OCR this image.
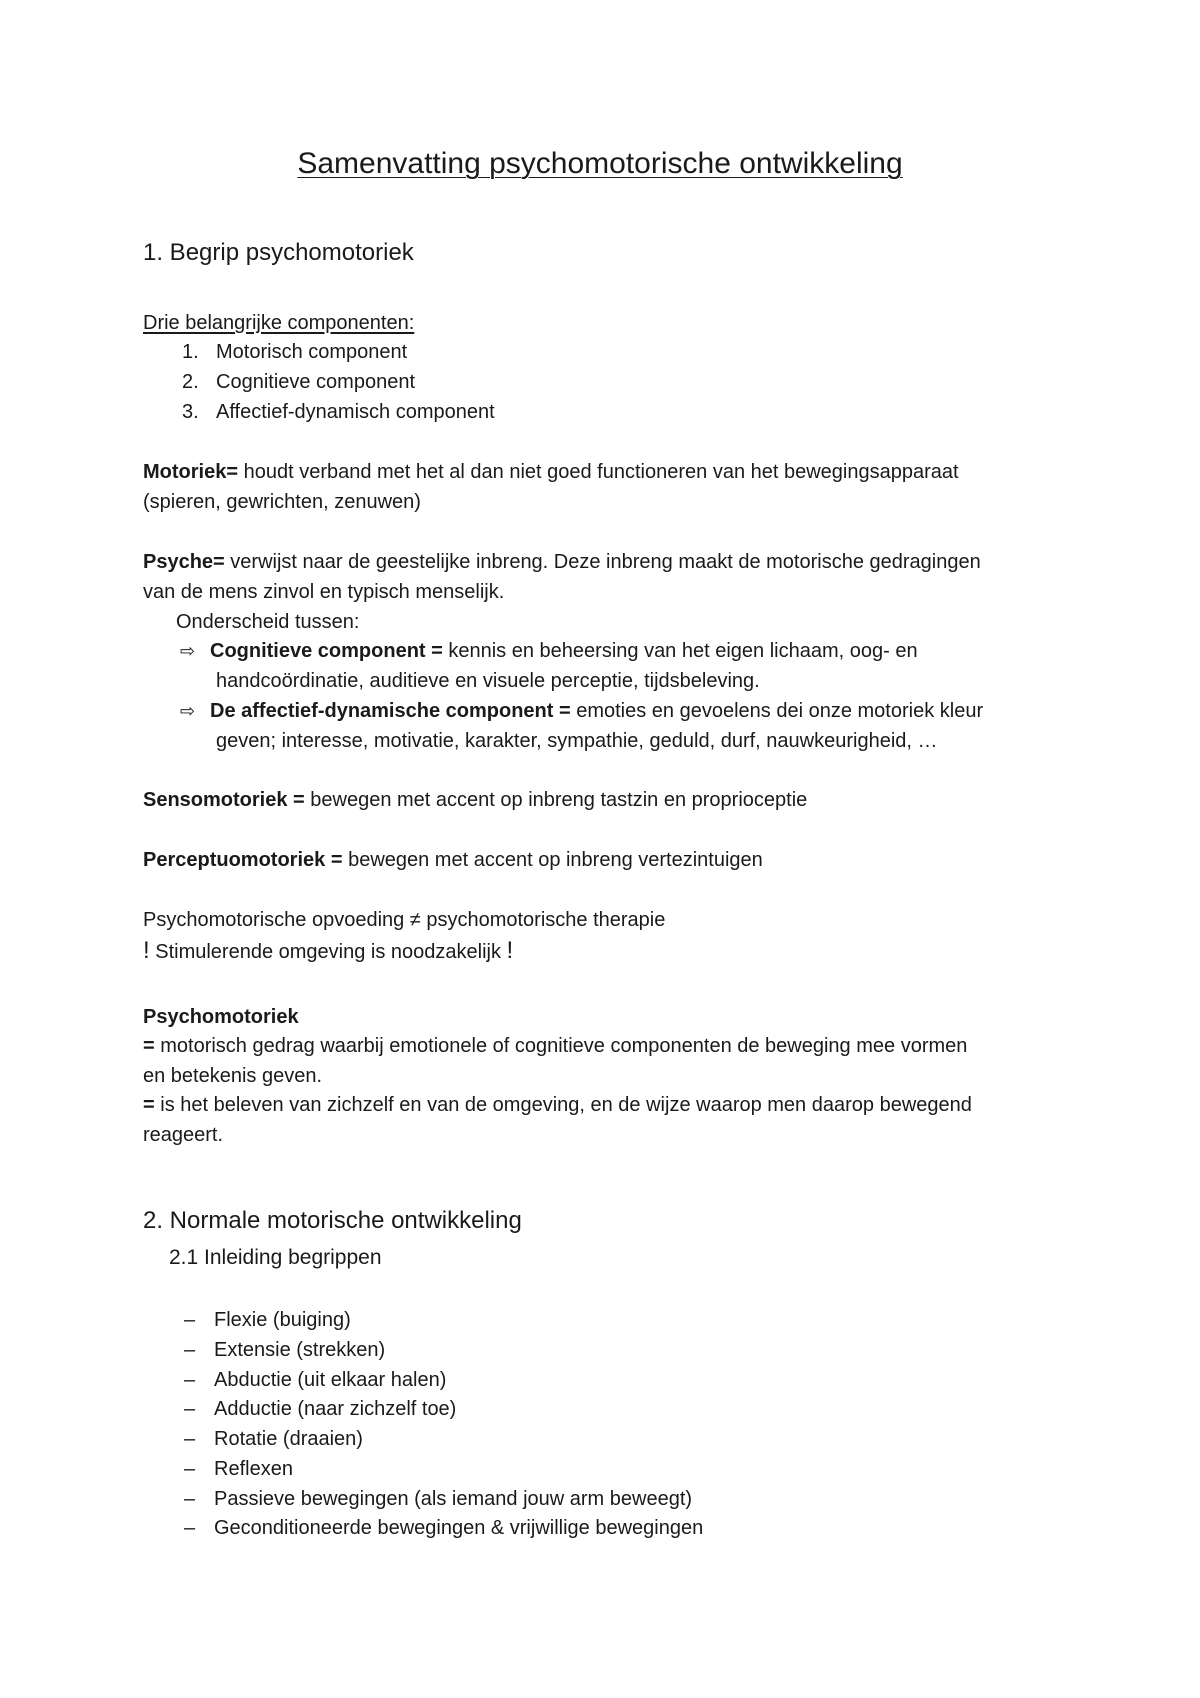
Samenvatting psychomotorische ontwikkeling
1. Begrip psychomotoriek
Drie belangrijke componenten:
1. Motorisch component
2. Cognitieve component
3. Affectief-dynamisch component
Motoriek= houdt verband met het al dan niet goed functioneren van het bewegingsapparaat
(spieren, gewrichten, zenuwen)
Psyche= verwijst naar de geestelijke inbreng. Deze inbreng maakt de motorische gedragingen
van de mens zinvol en typisch menselijk.
Onderscheid tussen:
⇨ Cognitieve component = kennis en beheersing van het eigen lichaam, oog- en
handcoördinatie, auditieve en visuele perceptie, tijdsbeleving.
⇨ De affectief-dynamische component = emoties en gevoelens dei onze motoriek kleur
geven; interesse, motivatie, karakter, sympathie, geduld, durf, nauwkeurigheid, …
Sensomotoriek = bewegen met accent op inbreng tastzin en proprioceptie
Perceptuomotoriek = bewegen met accent op inbreng vertezintuigen
Psychomotorische opvoeding ≠ psychomotorische therapie
! Stimulerende omgeving is noodzakelijk !
Psychomotoriek
= motorisch gedrag waarbij emotionele of cognitieve componenten de beweging mee vormen
en betekenis geven.
= is het beleven van zichzelf en van de omgeving, en de wijze waarop men daarop bewegend
reageert.
2. Normale motorische ontwikkeling
2.1 Inleiding begrippen
– Flexie (buiging)
– Extensie (strekken)
– Abductie (uit elkaar halen)
– Adductie (naar zichzelf toe)
– Rotatie (draaien)
– Reflexen
– Passieve bewegingen (als iemand jouw arm beweegt)
– Geconditioneerde bewegingen & vrijwillige bewegingen
